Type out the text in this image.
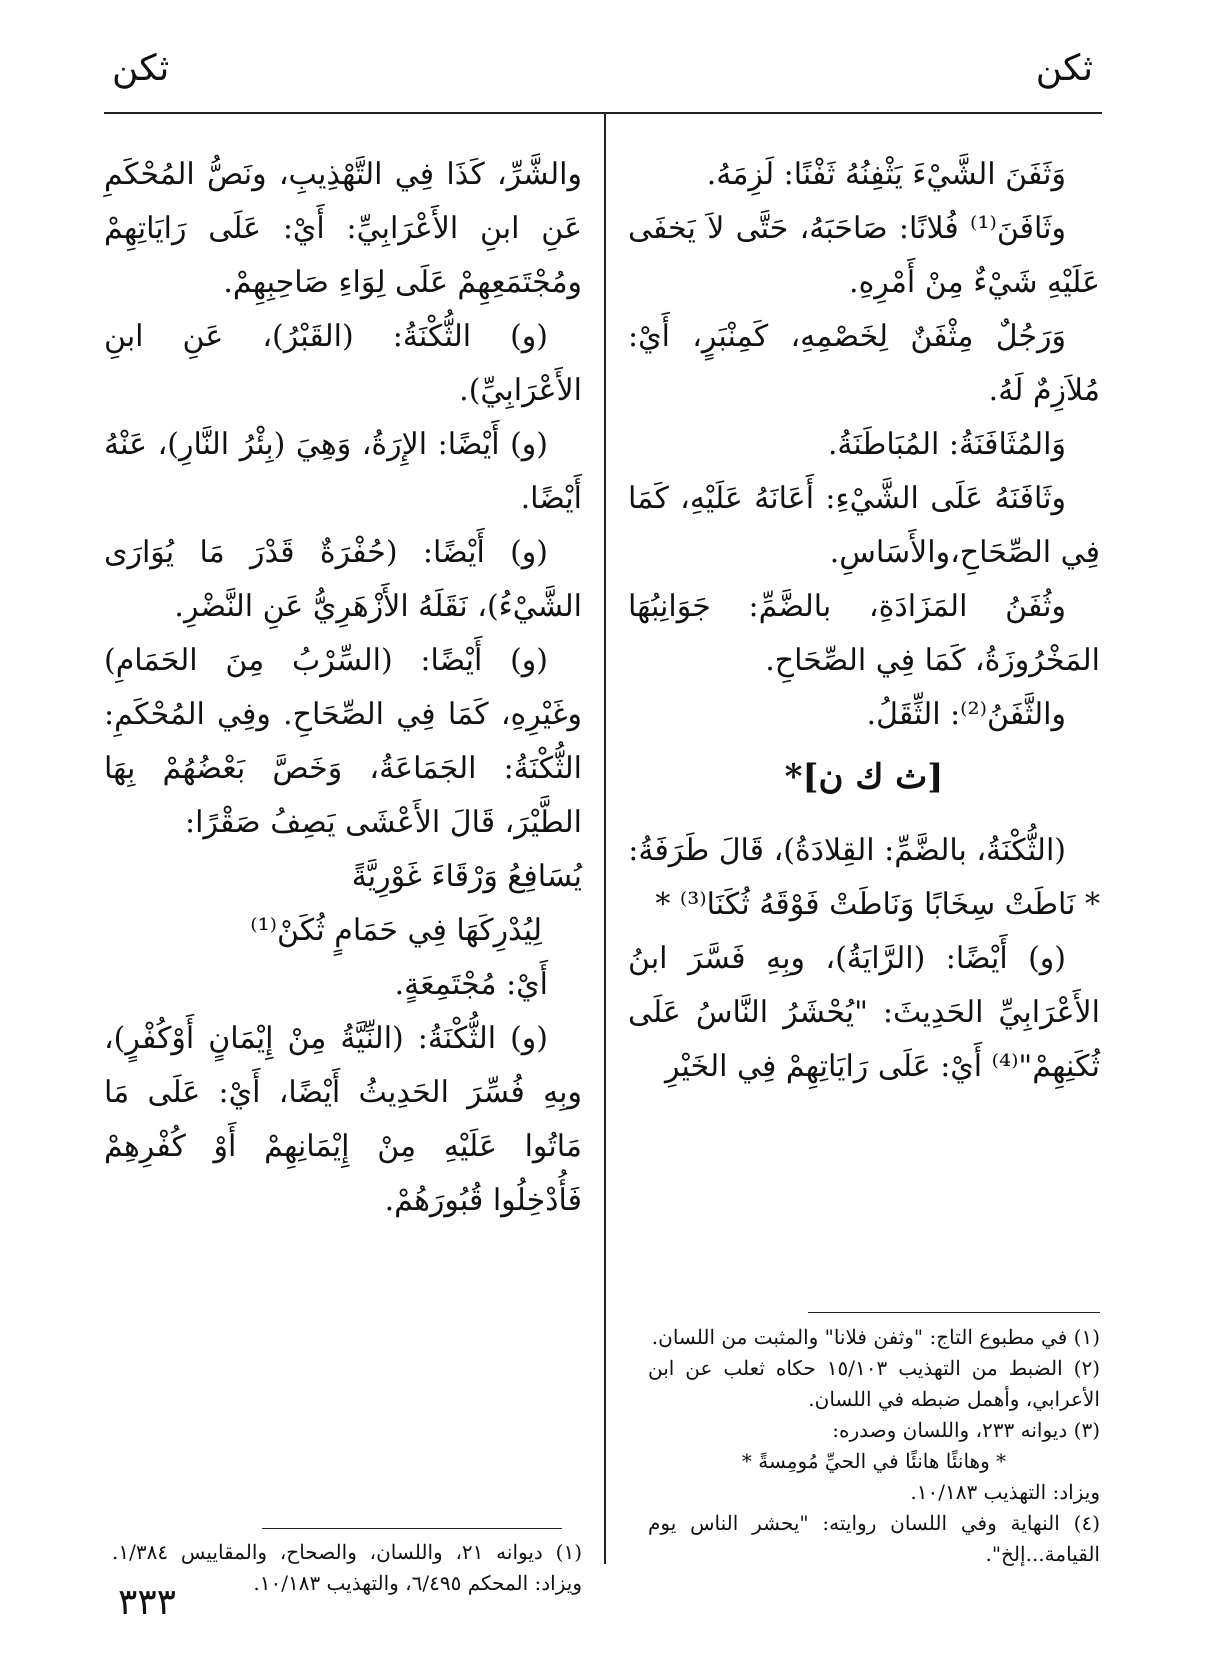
ثكن
ثكن

وَثَفَنَ الشَّيْءَ يَثْفِنُهُ ثَفْنًا: لَزِمَهُ.

وثَافَنَ⁽¹⁾ فُلانًا: صَاحَبَهُ، حَتَّى لاَ يَخفَى عَلَيْهِ شَيْءٌ مِنْ أَمْرِهِ.

وَرَجُلٌ مِثْفَنٌ لِخَصْمِهِ، كَمِنْبَرٍ، أَيْ: مُلاَزِمٌ لَهُ.

وَالمُثَافَنَةُ: المُبَاطَنَةُ.

وثَافَنَهُ عَلَى الشَّيْءِ: أَعَانَهُ عَلَيْهِ، كَمَا فِي الصِّحَاحِ،والأَسَاسِ.

وثُفَنُ المَزَادَةِ، بالضَّمِّ: جَوَانِبُهَا المَخْرُوزَةُ، كَمَا فِي الصِّحَاحِ.

والثَّفَنُ⁽²⁾: الثِّقَلُ.

[ث ك ن]*

(الثُّكْنَةُ، بالضَّمِّ: القِلادَةُ)، قَالَ طَرَفَةُ:

* نَاطَتْ سِخَابًا وَنَاطَتْ فَوْقَهُ ثُكَنَا⁽³⁾ *

(و) أَيْضًا: (الرَّايَةُ)، وبِهِ فَسَّرَ ابنُ الأَعْرَابِيِّ الحَدِيثَ: "يُحْشَرُ النَّاسُ عَلَى ثُكَنِهِمْ"⁽⁴⁾ أَيْ: عَلَى رَايَاتِهِمْ فِي الخَيْرِ

والشَّرِّ، كَذَا فِي التَّهْذِيبِ، ونَصُّ المُحْكَمِ عَنِ ابنِ الأَعْرَابِيِّ: أَيْ: عَلَى رَايَاتِهِمْ ومُجْتَمَعِهِمْ عَلَى لِوَاءِ صَاحِبِهِمْ.

(و) الثُّكْنَةُ: (القَبْرُ)، عَنِ ابنِ الأَعْرَابِيِّ).

(و) أَيْضًا: الإِرَةُ، وَهِيَ (بِئْرُ النَّارِ)، عَنْهُ أَيْضًا.

(و) أَيْضًا: (حُفْرَةٌ قَدْرَ مَا يُوَارَى الشَّيْءُ)، نَقَلَهُ الأَزْهَرِيُّ عَنِ النَّضْرِ.

(و) أَيْضًا: (السِّرْبُ مِنَ الحَمَامِ) وغَيْرِهِ، كَمَا فِي الصِّحَاحِ. وفِي المُحْكَمِ: الثُّكْنَةُ: الجَمَاعَةُ، وَخَصَّ بَعْضُهُمْ بِهَا الطَّيْرَ، قَالَ الأَعْشَى يَصِفُ صَقْرًا:

يُسَافِعُ وَرْقَاءَ غَوْرِيَّةً

لِيُدْرِكَهَا فِي حَمَامٍ ثُكَنْ⁽¹⁾

أَيْ: مُجْتَمِعَةٍ.

(و) الثُّكْنَةُ: (النِّيَّةُ مِنْ إِيْمَانٍ أَوْكُفْرٍ)، وبِهِ فُسِّرَ الحَدِيثُ أَيْضًا، أَيْ: عَلَى مَا مَاتُوا عَلَيْهِ مِنْ إِيْمَانِهِمْ أَوْ كُفْرِهِمْ فَأُدْخِلُوا قُبُورَهُمْ.

(١) في مطبوع التاج: "وثفن فلانا" والمثبت من اللسان.

(٢) الضبط من التهذيب ١٥/١٠٣ حكاه ثعلب عن ابن الأعرابي، وأهمل ضبطه في اللسان.

(٣) ديوانه ٢٣٣، واللسان وصدره:

* وهانئًا هانئًا في الحيِّ مُومِسةً *

ويزاد: التهذيب ١٠/١٨٣.

(٤) النهاية وفي اللسان روايته: "يحشر الناس يوم القيامة...إلخ".

(١) ديوانه ٢١، واللسان، والصحاح، والمقاييس ١/٣٨٤. ويزاد: المحكم ٦/٤٩٥، والتهذيب ١٠/١٨٣.

٣٣٣
